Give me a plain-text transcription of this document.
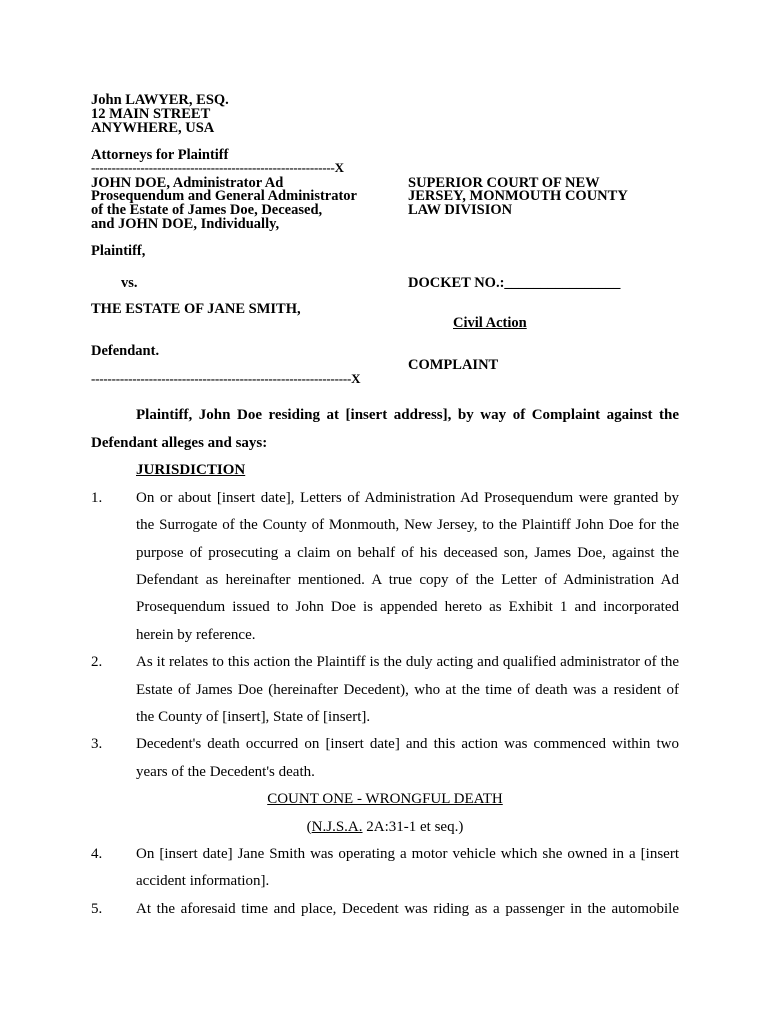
John LAWYER, ESQ.
12 MAIN STREET
ANYWHERE, USA
Attorneys for Plaintiff
-----------------------------------------------------------X
JOHN DOE, Administrator Ad
Prosequendum and General Administrator
of the Estate of James Doe, Deceased,
and JOHN DOE, Individually,
Plaintiff,
vs.
THE ESTATE OF JANE SMITH,
Defendant.
---------------------------------------------------------------X
SUPERIOR COURT OF NEW
JERSEY, MONMOUTH COUNTY
LAW DIVISION
DOCKET NO.:________________
Civil Action
COMPLAINT
Plaintiff, John Doe residing at [insert address], by way of Complaint against the
Defendant alleges and says:
JURISDICTION
1. On or about [insert date], Letters of Administration Ad Prosequendum were granted by
the Surrogate of the County of Monmouth, New Jersey, to the Plaintiff John Doe for the
purpose of prosecuting a claim on behalf of his deceased son, James Doe, against the
Defendant as hereinafter mentioned. A true copy of the Letter of Administration Ad
Prosequendum issued to John Doe is appended hereto as Exhibit 1 and incorporated
herein by reference.
2. As it relates to this action the Plaintiff is the duly acting and qualified administrator of the
Estate of James Doe (hereinafter Decedent), who at the time of death was a resident of
the County of [insert], State of [insert].
3. Decedent's death occurred on [insert date] and this action was commenced within two
years of the Decedent's death.
COUNT ONE - WRONGFUL DEATH
(N.J.S.A. 2A:31-1 et seq.)
4. On [insert date] Jane Smith was operating a motor vehicle which she owned in a [insert
accident information].
5. At the aforesaid time and place, Decedent was riding as a passenger in the automobile
